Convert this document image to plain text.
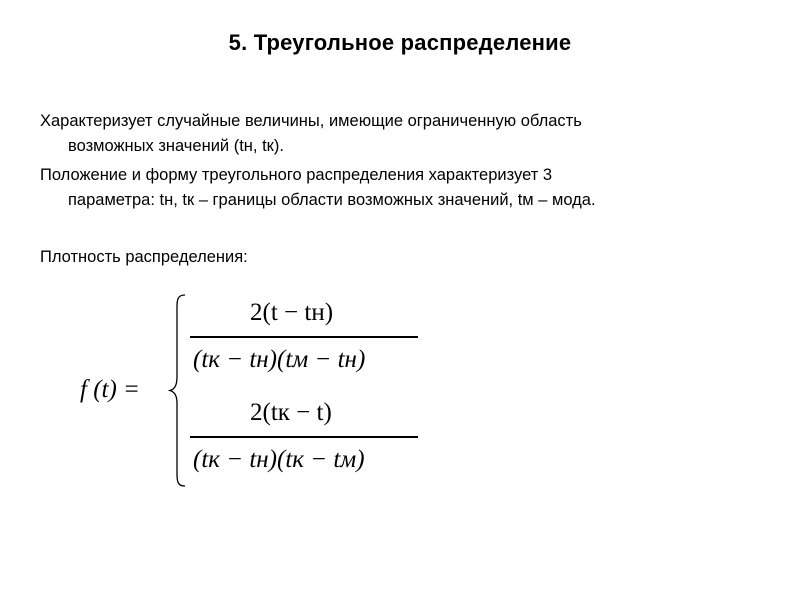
5. Треугольное распределение
Характеризует случайные величины, имеющие ограниченную область
возможных значений (tн, tк).
Положение и форму треугольного распределения характеризует 3
параметра: tн, tк – границы области возможных значений, tм – мода.
Плотность распределения:
f (t) =
2(t − tн)
(tк − tн)(tм − tн)
2(tк − t)
(tк − tн)(tк − tм)
